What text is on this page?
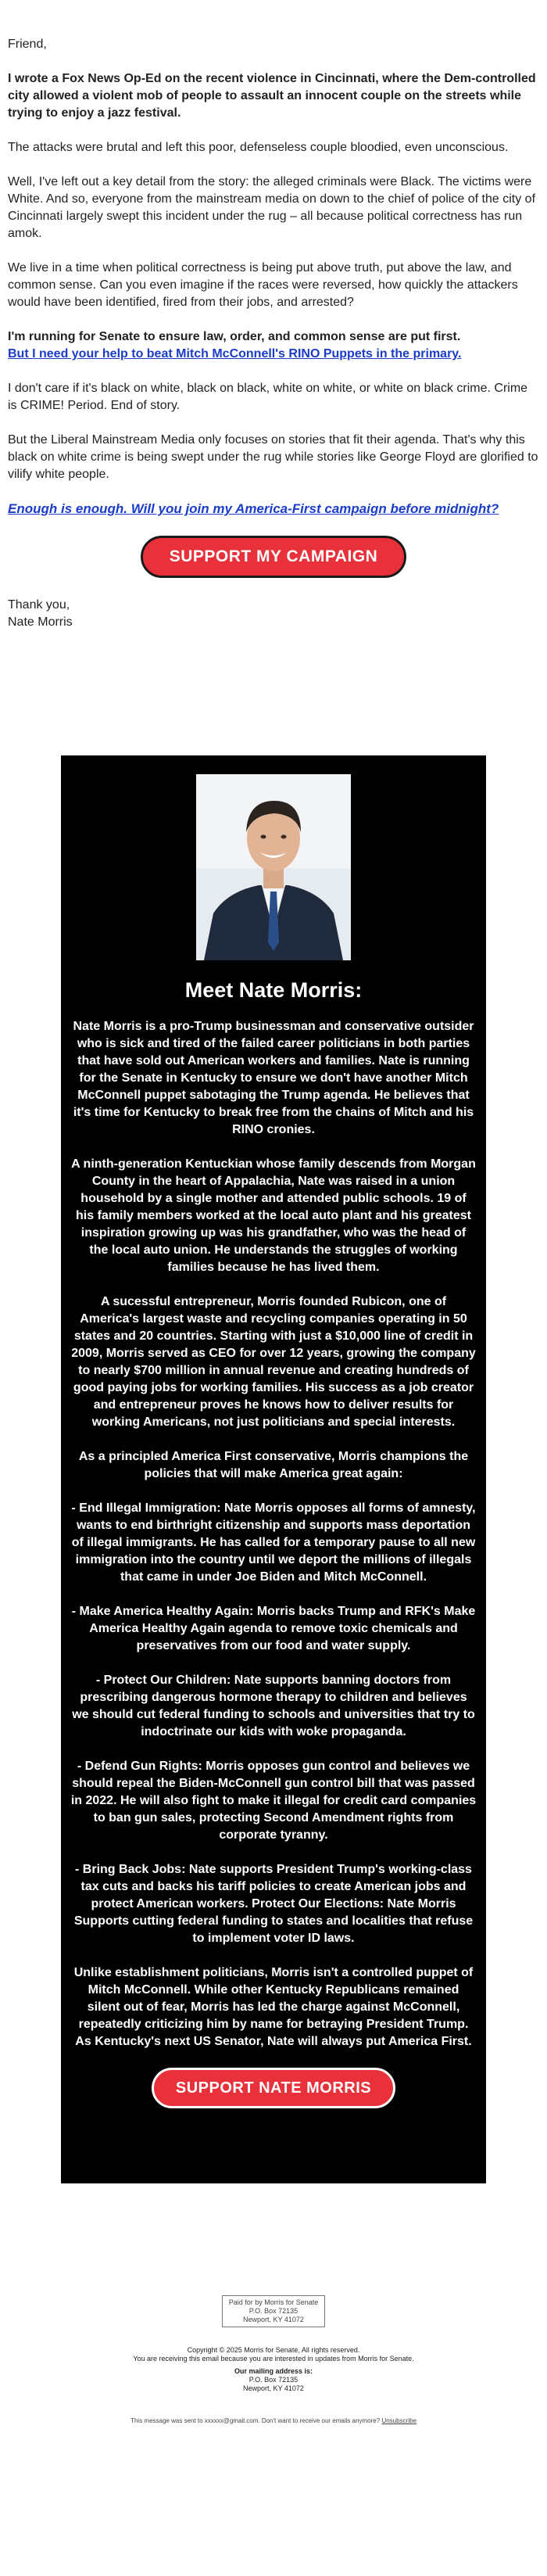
Friend,

I wrote a Fox News Op-Ed on the recent violence in Cincinnati, where the Dem-controlled city allowed a violent mob of people to assault an innocent couple on the streets while trying to enjoy a jazz festival.

The attacks were brutal and left this poor, defenseless couple bloodied, even unconscious.

Well, I've left out a key detail from the story: the alleged criminals were Black. The victims were White. And so, everyone from the mainstream media on down to the chief of police of the city of Cincinnati largely swept this incident under the rug – all because political correctness has run amok.

We live in a time when political correctness is being put above truth, put above the law, and common sense. Can you even imagine if the races were reversed, how quickly the attackers would have been identified, fired from their jobs, and arrested?

I'm running for Senate to ensure law, order, and common sense are put first.
But I need your help to beat Mitch McConnell's RINO Puppets in the primary.

I don't care if it's black on white, black on black, white on white, or white on black crime. Crime is CRIME! Period. End of story.

But the Liberal Mainstream Media only focuses on stories that fit their agenda. That's why this black on white crime is being swept under the rug while stories like George Floyd are glorified to vilify white people.

Enough is enough. Will you join my America-First campaign before midnight?

SUPPORT MY CAMPAIGN
Thank you,
Nate Morris
Meet Nate Morris:

Nate Morris is a pro-Trump businessman and conservative outsider who is sick and tired of the failed career politicians in both parties that have sold out American workers and families. Nate is running for the Senate in Kentucky to ensure we don't have another Mitch McConnell puppet sabotaging the Trump agenda. He believes that it's time for Kentucky to break free from the chains of Mitch and his RINO cronies.

A ninth-generation Kentuckian whose family descends from Morgan County in the heart of Appalachia, Nate was raised in a union household by a single mother and attended public schools. 19 of his family members worked at the local auto plant and his greatest inspiration growing up was his grandfather, who was the head of the local auto union. He understands the struggles of working families because he has lived them.

A sucessful entrepreneur, Morris founded Rubicon, one of America's largest waste and recycling companies operating in 50 states and 20 countries. Starting with just a $10,000 line of credit in 2009, Morris served as CEO for over 12 years, growing the company to nearly $700 million in annual revenue and creating hundreds of good paying jobs for working families. His success as a job creator and entrepreneur proves he knows how to deliver results for working Americans, not just politicians and special interests.

As a principled America First conservative, Morris champions the policies that will make America great again:

- End Illegal Immigration: Nate Morris opposes all forms of amnesty, wants to end birthright citizenship and supports mass deportation of illegal immigrants. He has called for a temporary pause to all new immigration into the country until we deport the millions of illegals that came in under Joe Biden and Mitch McConnell.

- Make America Healthy Again: Morris backs Trump and RFK's Make America Healthy Again agenda to remove toxic chemicals and preservatives from our food and water supply.

- Protect Our Children: Nate supports banning doctors from prescribing dangerous hormone therapy to children and believes we should cut federal funding to schools and universities that try to indoctrinate our kids with woke propaganda.

- Defend Gun Rights: Morris opposes gun control and believes we should repeal the Biden-McConnell gun control bill that was passed in 2022. He will also fight to make it illegal for credit card companies to ban gun sales, protecting Second Amendment rights from corporate tyranny.

- Bring Back Jobs: Nate supports President Trump's working-class tax cuts and backs his tariff policies to create American jobs and protect American workers. Protect Our Elections: Nate Morris Supports cutting federal funding to states and localities that refuse to implement voter ID laws.

Unlike establishment politicians, Morris isn't a controlled puppet of Mitch McConnell. While other Kentucky Republicans remained silent out of fear, Morris has led the charge against McConnell, repeatedly criticizing him by name for betraying President Trump. As Kentucky's next US Senator, Nate will always put America First.

SUPPORT NATE MORRIS
Paid for by Morris for Senate
P.O. Box 72135
Newport, KY 41072

Copyright © 2025 Morris for Senate, All rights reserved.

You are receiving this email because you are interested in updates from Morris for Senate.

Our mailing address is:

P.O. Box 72135

Newport, KY 41072

This message was sent to xxxxxx@gmail.com. Don't want to receive our emails anymore? Unsubscribe
